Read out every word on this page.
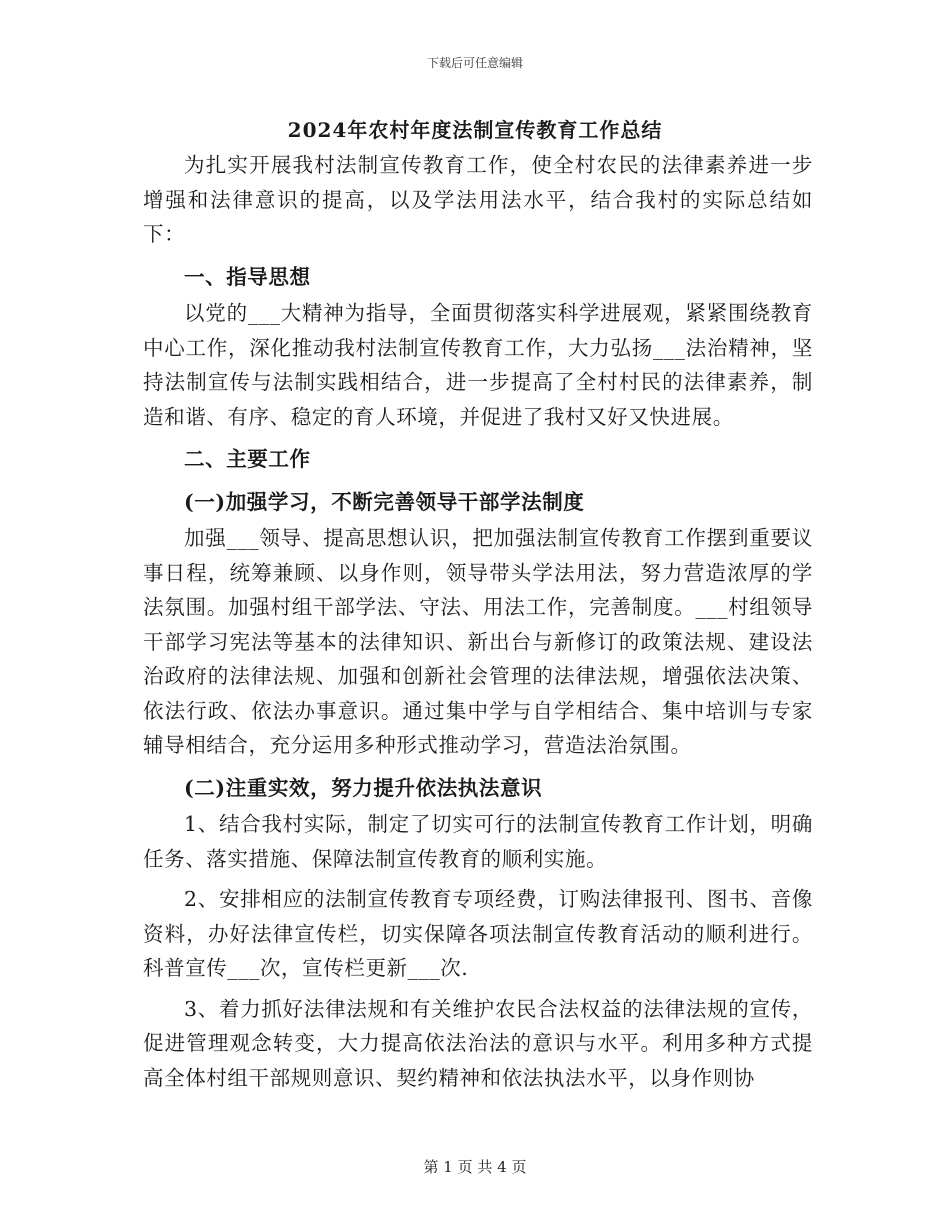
下载后可任意编辑
2024年农村年度法制宣传教育工作总结

为扎实开展我村法制宣传教育工作，使全村农民的法律素养进一步增强和法律意识的提高，以及学法用法水平，结合我村的实际总结如下：

一、指导思想

以党的___大精神为指导，全面贯彻落实科学进展观，紧紧围绕教育中心工作，深化推动我村法制宣传教育工作，大力弘扬___法治精神，坚持法制宣传与法制实践相结合，进一步提高了全村村民的法律素养，制造和谐、有序、稳定的育人环境，并促进了我村又好又快进展。

二、主要工作

(一)加强学习，不断完善领导干部学法制度

加强___领导、提高思想认识，把加强法制宣传教育工作摆到重要议事日程，统筹兼顾、以身作则，领导带头学法用法，努力营造浓厚的学法氛围。加强村组干部学法、守法、用法工作，完善制度。___村组领导干部学习宪法等基本的法律知识、新出台与新修订的政策法规、建设法治政府的法律法规、加强和创新社会管理的法律法规，增强依法决策、依法行政、依法办事意识。通过集中学与自学相结合、集中培训与专家辅导相结合，充分运用多种形式推动学习，营造法治氛围。

(二)注重实效，努力提升依法执法意识

1、结合我村实际，制定了切实可行的法制宣传教育工作计划，明确任务、落实措施、保障法制宣传教育的顺利实施。

2、安排相应的法制宣传教育专项经费，订购法律报刊、图书、音像资料，办好法律宣传栏，切实保障各项法制宣传教育活动的顺利进行。科普宣传___次，宣传栏更新___次.

3、着力抓好法律法规和有关维护农民合法权益的法律法规的宣传，促进管理观念转变，大力提高依法治法的意识与水平。利用多种方式提高全体村组干部规则意识、契约精神和依法执法水平，以身作则协

第 1 页 共 4 页
